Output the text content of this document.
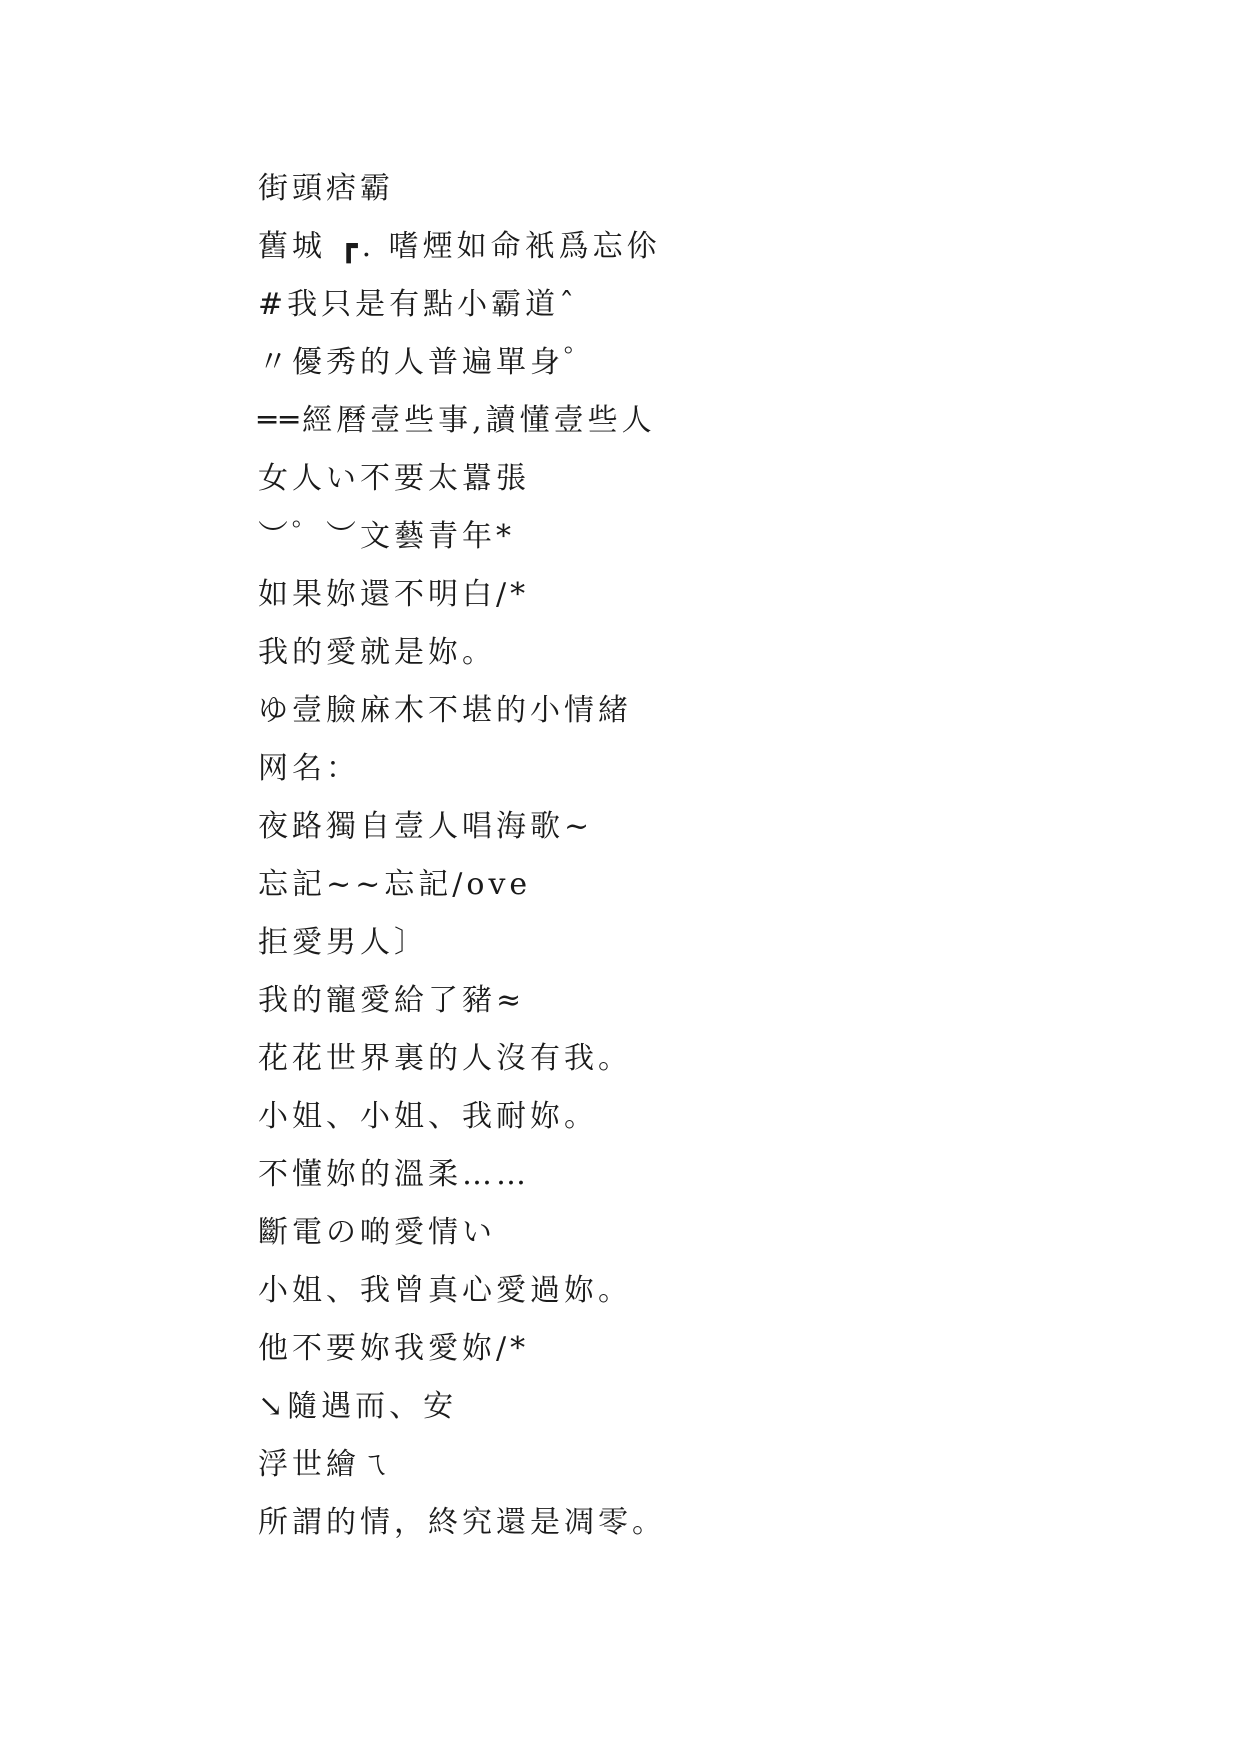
街頭痞霸
舊城 ┏. 嗜煙如命衹爲忘伱
#我只是有點小霸道ˆ
〃優秀的人普遍單身゜
══經曆壹些事,讀懂壹些人
女人い不要太囂張
︶゜︶文藝青年*
如果妳還不明白/*
我的愛就是妳。
ゆ壹臉麻木不堪的小情緒
网名：
夜路獨自壹人唱海歌~
忘記~~忘記/ove
拒愛男人〕
我的寵愛給了豬≈
花花世界裏的人沒有我。
小姐、小姐、我耐妳。
不懂妳的溫柔……
斷電の啲愛情い
小姐、我曾真心愛過妳。
他不要妳我愛妳/*
↘隨遇而、安
浮世繪ㄟ
所謂的情，終究還是凋零。
